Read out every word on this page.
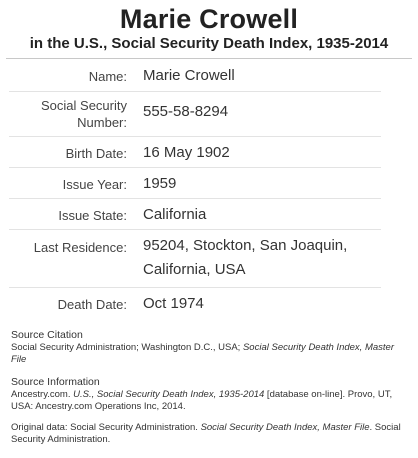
Marie Crowell
in the U.S., Social Security Death Index, 1935-2014
Name:	Marie Crowell
Social Security Number:	555-58-8294
Birth Date:	16 May 1902
Issue Year:	1959
Issue State:	California
Last Residence:	95204, Stockton, San Joaquin, California, USA
Death Date:	Oct 1974
Source Citation
Social Security Administration; Washington D.C., USA; Social Security Death Index, Master File
Source Information
Ancestry.com. U.S., Social Security Death Index, 1935-2014 [database on-line]. Provo, UT, USA: Ancestry.com Operations Inc, 2014.
Original data: Social Security Administration. Social Security Death Index, Master File. Social Security Administration.
